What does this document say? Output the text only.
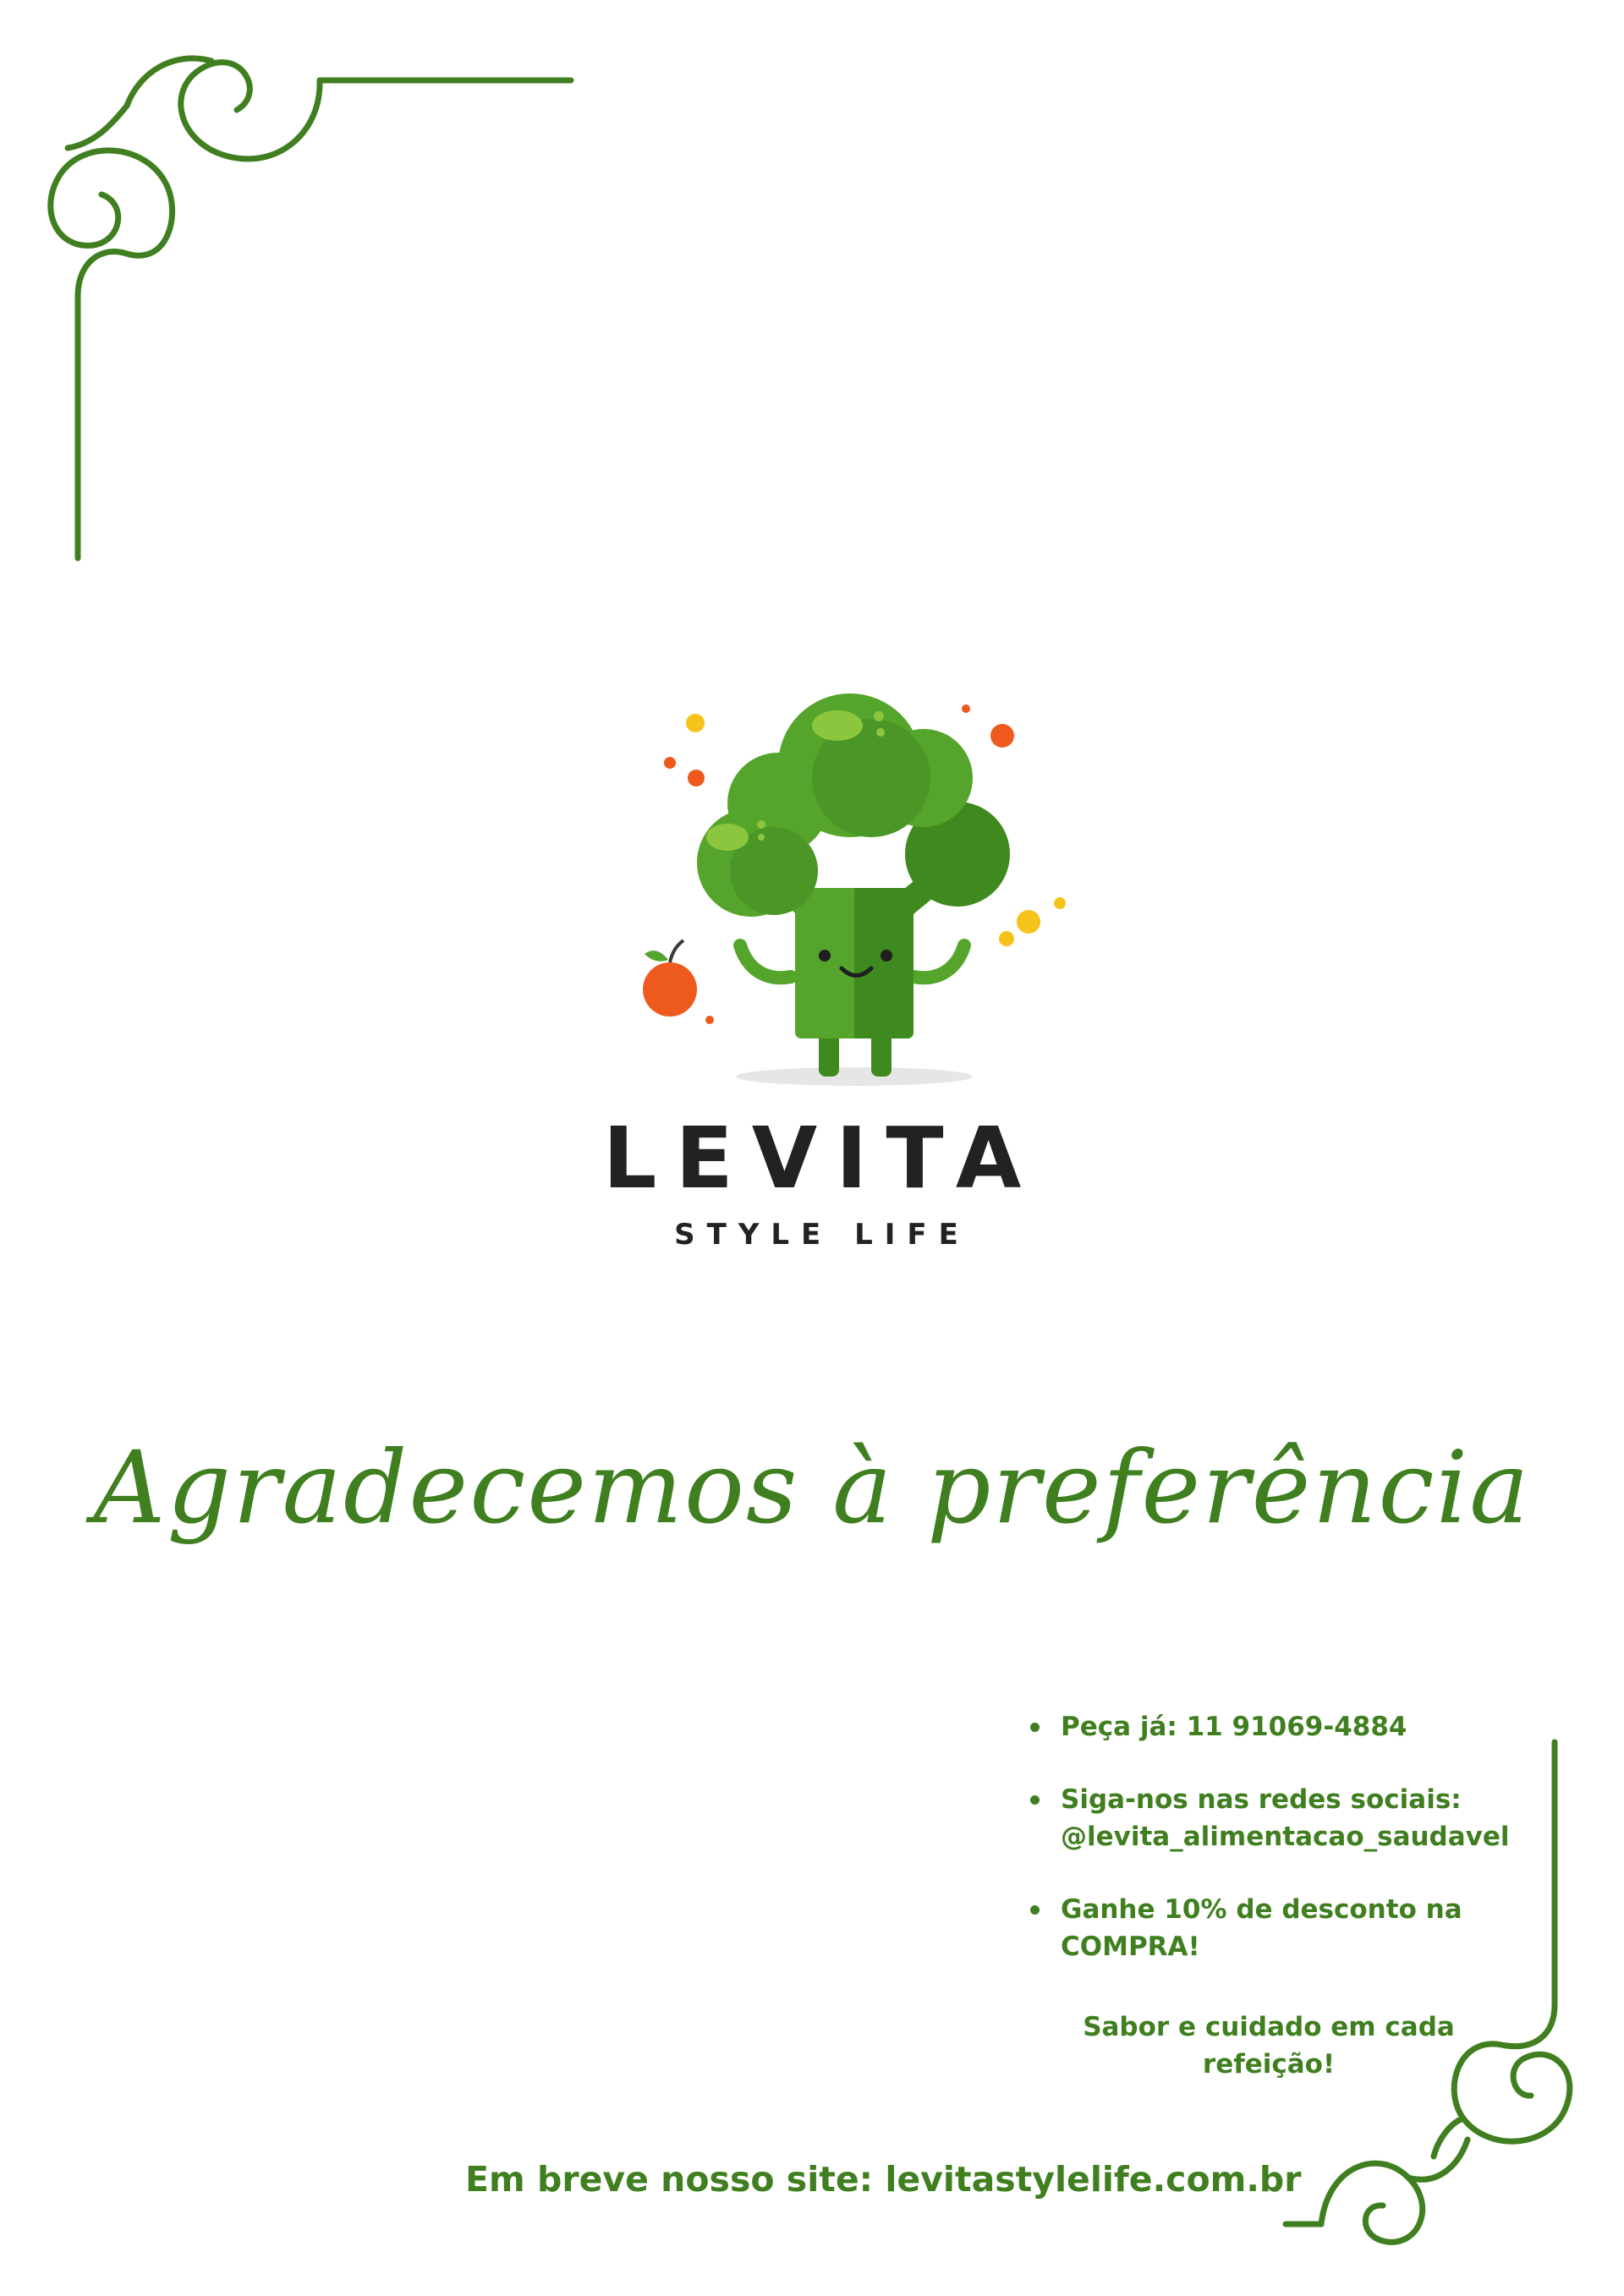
LEVITA
STYLE LIFE
Agradecemos à preferência
Peça já: 11 91069-4884
Siga-nos nas redes sociais:
@levita_alimentacao_saudavel
Ganhe 10% de desconto na
COMPRA!
Sabor e cuidado em cada
refeição!
Em breve nosso site: levitastylelife.com.br
